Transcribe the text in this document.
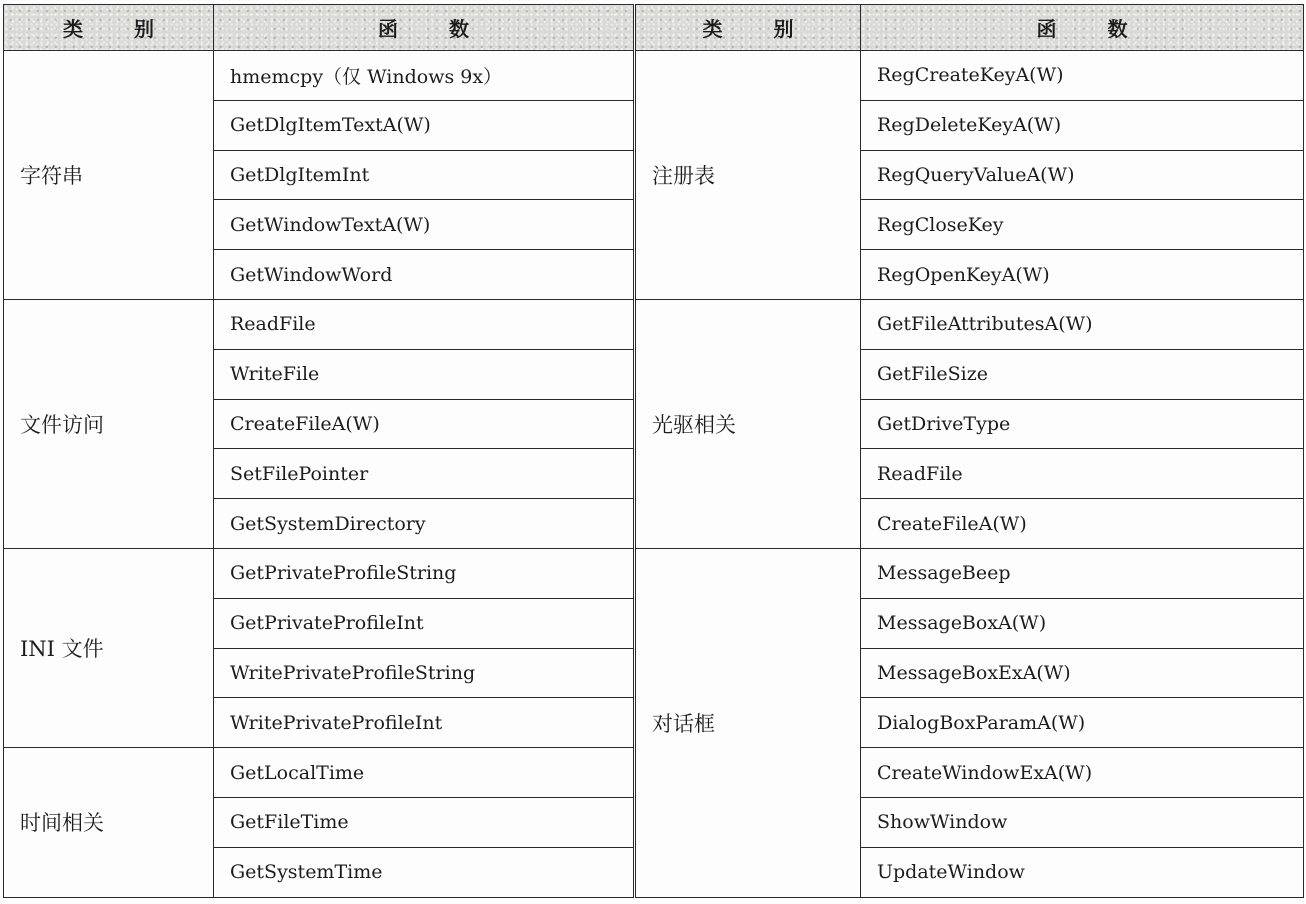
类 别	函 数	类 别	函 数
字符串	hmemcpy（仅 Windows 9x）	注册表	RegCreateKeyA(W)
	GetDlgItemTextA(W)		RegDeleteKeyA(W)
	GetDlgItemInt		RegQueryValueA(W)
	GetWindowTextA(W)		RegCloseKey
	GetWindowWord		RegOpenKeyA(W)
文件访问	ReadFile	光驱相关	GetFileAttributesA(W)
	WriteFile		GetFileSize
	CreateFileA(W)		GetDriveType
	SetFilePointer		ReadFile
	GetSystemDirectory		CreateFileA(W)
INI 文件	GetPrivateProfileString	对话框	MessageBeep
	GetPrivateProfileInt		MessageBoxA(W)
	WritePrivateProfileString		MessageBoxExA(W)
	WritePrivateProfileInt		DialogBoxParamA(W)
时间相关	GetLocalTime		CreateWindowExA(W)
	GetFileTime		ShowWindow
	GetSystemTime		UpdateWindow
